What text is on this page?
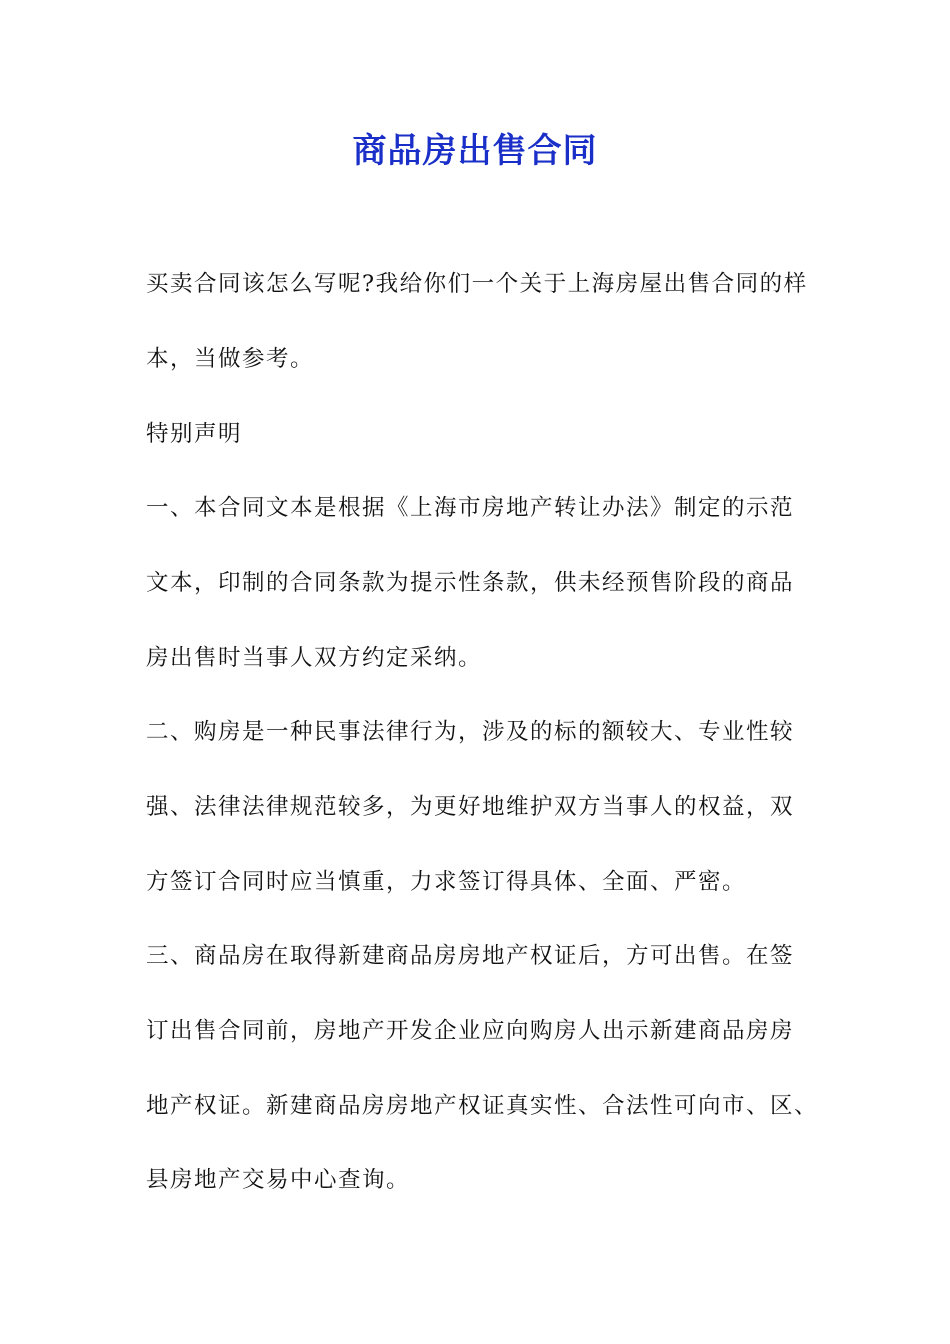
商品房出售合同
买卖合同该怎么写呢?我给你们一个关于上海房屋出售合同的样
本，当做参考。
特别声明
一、本合同文本是根据《上海市房地产转让办法》制定的示范
文本，印制的合同条款为提示性条款，供未经预售阶段的商品
房出售时当事人双方约定采纳。
二、购房是一种民事法律行为，涉及的标的额较大、专业性较
强、法律法律规范较多，为更好地维护双方当事人的权益，双
方签订合同时应当慎重，力求签订得具体、全面、严密。
三、商品房在取得新建商品房房地产权证后，方可出售。在签
订出售合同前，房地产开发企业应向购房人出示新建商品房房
地产权证。新建商品房房地产权证真实性、合法性可向市、区、
县房地产交易中心查询。
